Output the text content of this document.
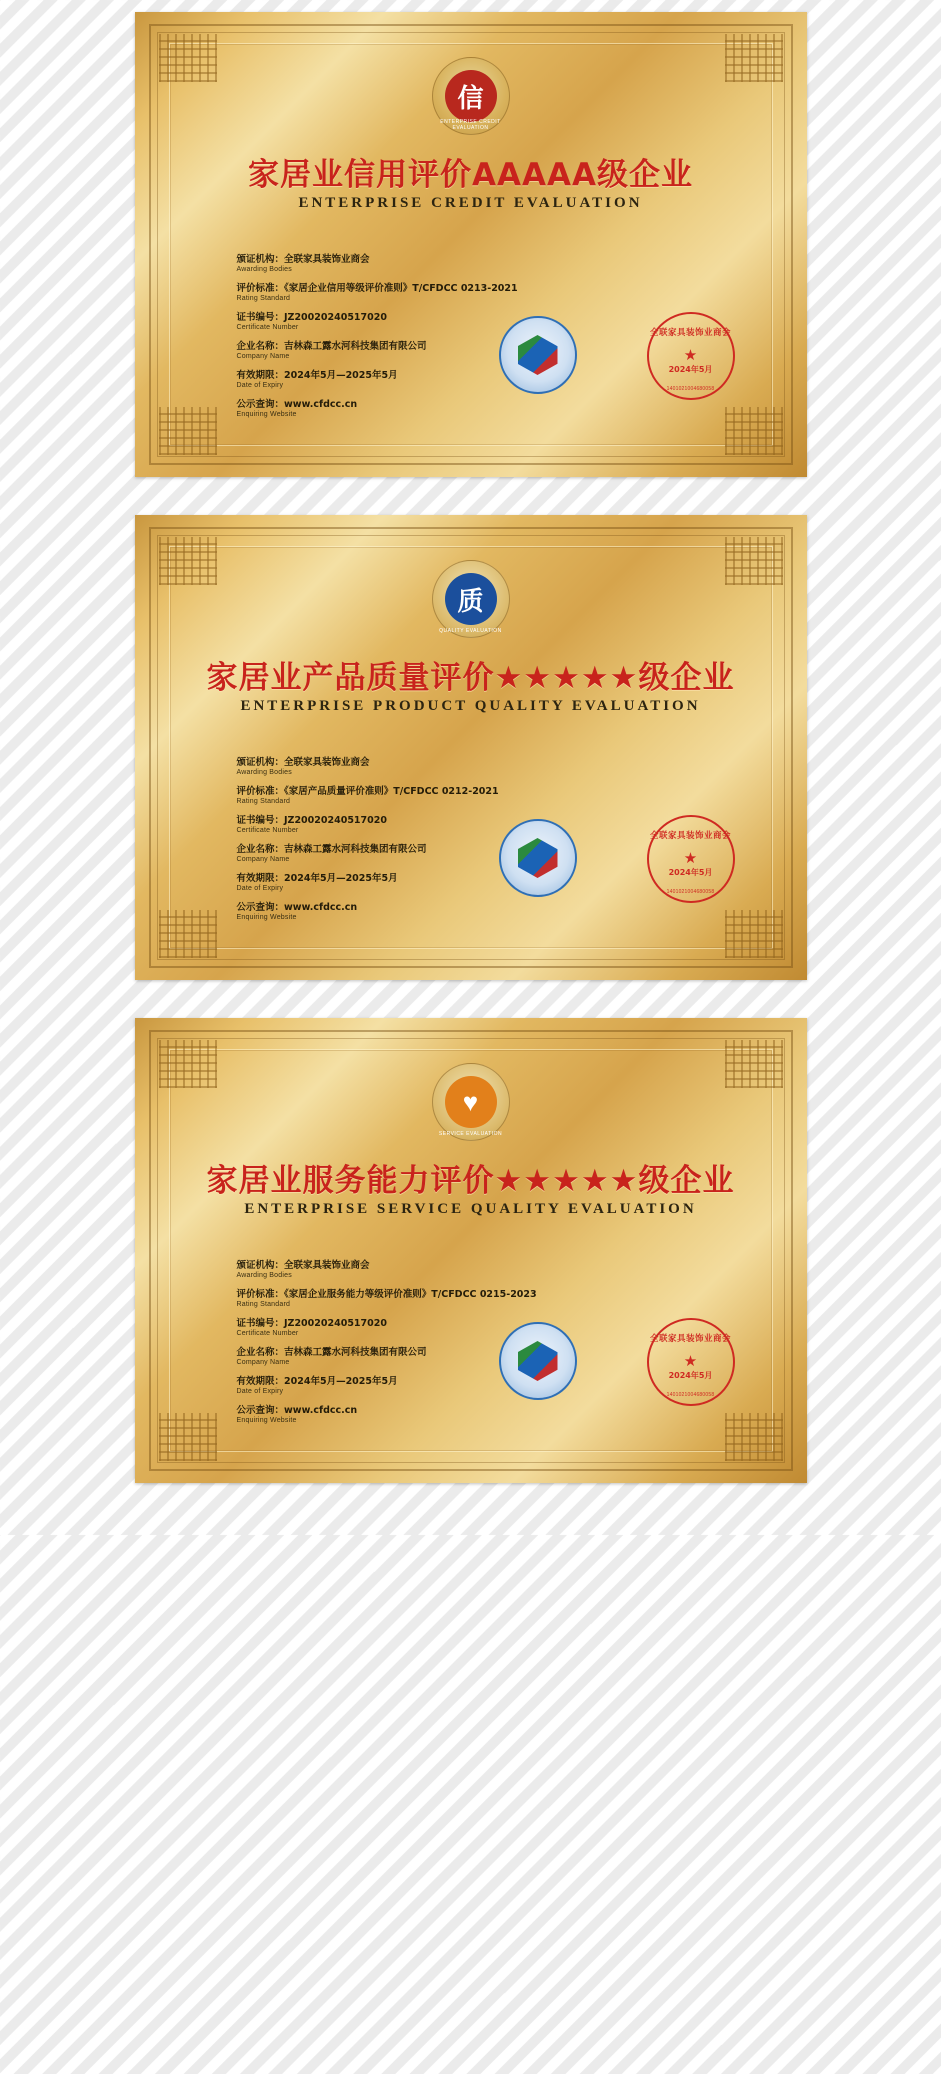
信
ENTERPRISE CREDIT EVALUATION
家居业信用评价AAAAA级企业
ENTERPRISE CREDIT EVALUATION
颁证机构：全联家具装饰业商会
Awarding Bodies
评价标准：《家居企业信用等级评价准则》T/CFDCC 0213-2021
Rating Standard
证书编号：JZ20020240517020
Certificate Number
企业名称：吉林森工露水河科技集团有限公司
Company Name
有效期限：2024年5月—2025年5月
Date of Expiry
公示查询：www.cfdcc.cn
Enquiring Website
全联家具装饰业商会
★
2024年5月
1401021004680058
质
QUALITY EVALUATION
家居业产品质量评价★★★★★级企业
ENTERPRISE PRODUCT QUALITY EVALUATION
颁证机构：全联家具装饰业商会
Awarding Bodies
评价标准：《家居产品质量评价准则》T/CFDCC 0212-2021
Rating Standard
证书编号：JZ20020240517020
Certificate Number
企业名称：吉林森工露水河科技集团有限公司
Company Name
有效期限：2024年5月—2025年5月
Date of Expiry
公示查询：www.cfdcc.cn
Enquiring Website
全联家具装饰业商会
★
2024年5月
1401021004680058
♥
SERVICE EVALUATION
家居业服务能力评价★★★★★级企业
ENTERPRISE SERVICE QUALITY EVALUATION
颁证机构：全联家具装饰业商会
Awarding Bodies
评价标准：《家居企业服务能力等级评价准则》T/CFDCC 0215-2023
Rating Standard
证书编号：JZ20020240517020
Certificate Number
企业名称：吉林森工露水河科技集团有限公司
Company Name
有效期限：2024年5月—2025年5月
Date of Expiry
公示查询：www.cfdcc.cn
Enquiring Website
全联家具装饰业商会
★
2024年5月
1401021004680058
